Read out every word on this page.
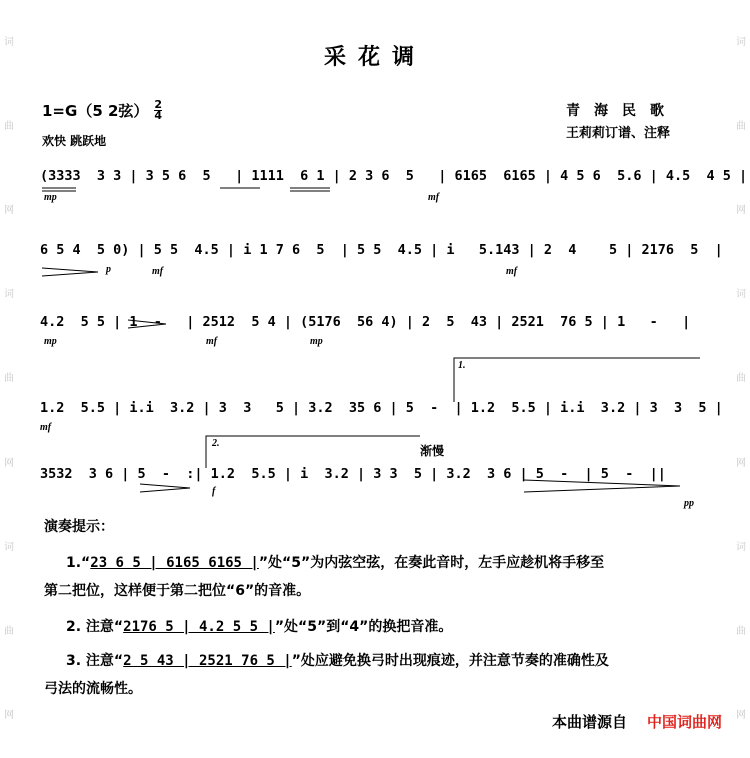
词
曲
网
词
曲
网
词
曲
网
词
曲
网
词
曲
网
词
曲
网
采花调
1=G（5 2弦） 2
4
欢快 跳跃地
青海民歌
王莉莉订谱、注释
(3333  3 3 | 3 5 6  5   | 1111  6 1 | 2 3 6  5   | 6165  6165 | 4 5 6  5.6 | 4.5  4 5 |
mp	mf
6 5 4  5 0) | 5 5  4.5 | i 1 7 6  5  | 5 5  4.5 | i   5.143 | 2  4    5 | 2176  5  |
p	mf	mf
4.2  5 5 | 1  -   | 2512  5 4 | (5176  56 4) | 2  5  43 | 2521  76 5 | 1   -   |
mp	mf	mp
1.2  5.5 | i.i  3.2 | 3  3   5 | 3.2  35 6 | 5  -  | 1.2  5.5 | i.i  3.2 | 3  3  5 |
mf
1.
3532  3 6 | 5  -  :| 1.2  5.5 | i  3.2 | 3 3  5 | 3.2  3 6 | 5  -  | 5  -  ||
f
pp
2.
渐慢
演奏提示：
1.“23 6 5 | 6165 6165 |”处“5”为内弦空弦，在奏此音时，左手应趁机将手移至
第二把位，这样便于第二把位“6”的音准。
2. 注意“2176 5 | 4.2 5 5 |”处“5”到“4”的换把音准。
3. 注意“2 5 43 | 2521 76 5 |”处应避免换弓时出现痕迹，并注意节奏的准确性及
弓法的流畅性。
本曲谱源自 中国词曲网
